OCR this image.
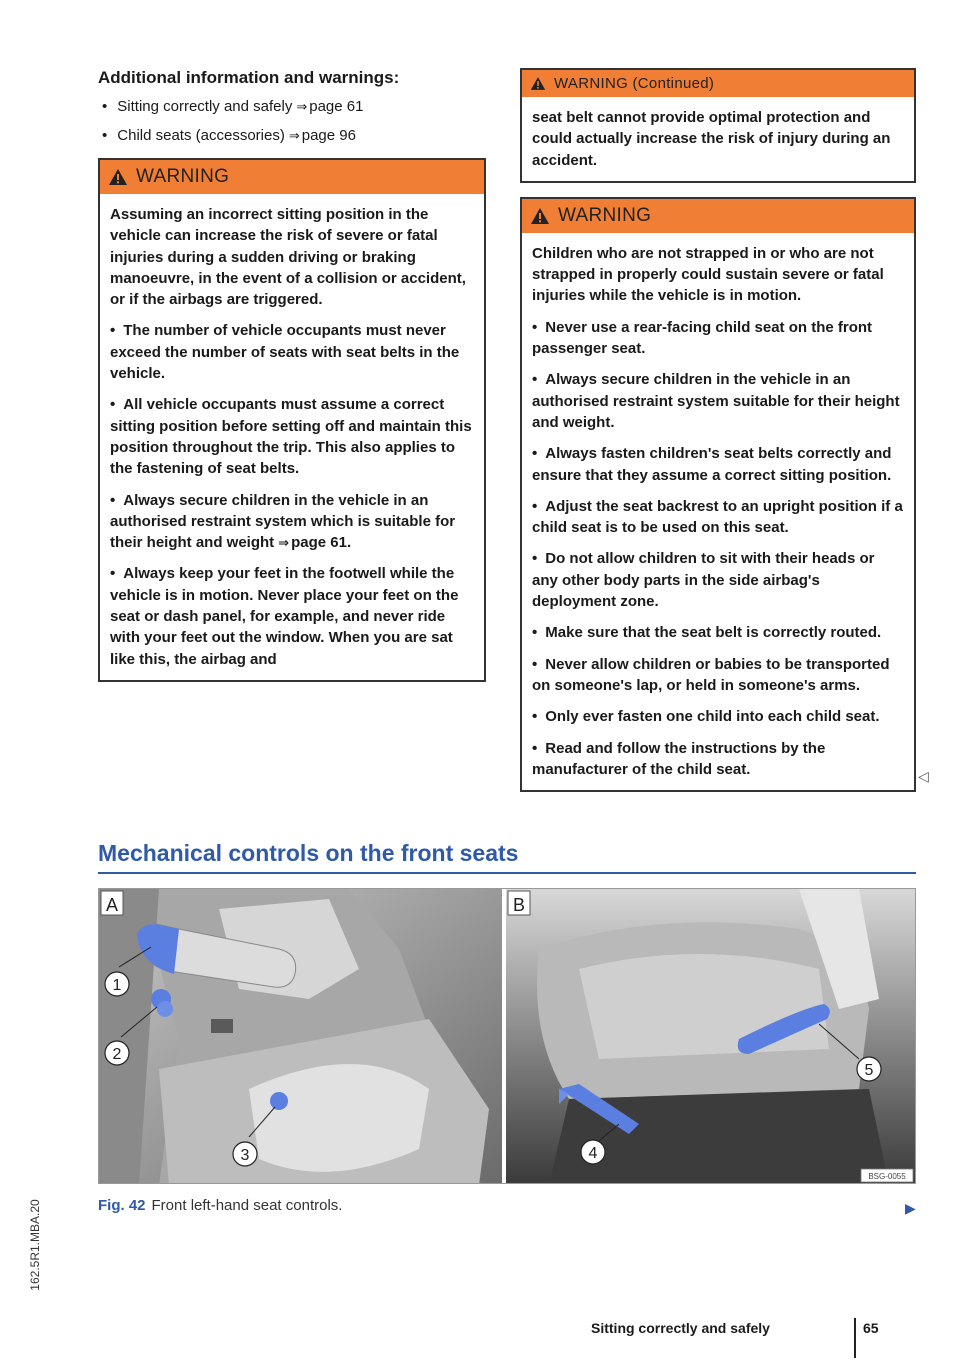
162.5R1.MBA.20
Additional information and warnings:
• Sitting correctly and safely ⇒ page 61
• Child seats (accessories) ⇒ page 96
WARNING

Assuming an incorrect sitting position in the vehicle can increase the risk of severe or fatal injuries during a sudden driving or braking manoeuvre, in the event of a collision or accident, or if the airbags are triggered.

• The number of vehicle occupants must never exceed the number of seats with seat belts in the vehicle.

• All vehicle occupants must assume a correct sitting position before setting off and maintain this position throughout the trip. This also applies to the fastening of seat belts.

• Always secure children in the vehicle in an authorised restraint system which is suitable for their height and weight ⇒ page 61.

• Always keep your feet in the footwell while the vehicle is in motion. Never place your feet on the seat or dash panel, for example, and never ride with your feet out the window. When you are sat like this, the airbag and

WARNING (Continued)

seat belt cannot provide optimal protection and could actually increase the risk of injury during an accident.

WARNING

Children who are not strapped in or who are not strapped in properly could sustain severe or fatal injuries while the vehicle is in motion.

• Never use a rear-facing child seat on the front passenger seat.

• Always secure children in the vehicle in an authorised restraint system suitable for their height and weight.

• Always fasten children's seat belts correctly and ensure that they assume a correct sitting position.

• Adjust the seat backrest to an upright position if a child seat is to be used on this seat.

• Do not allow children to sit with their heads or any other body parts in the side airbag's deployment zone.

• Make sure that the seat belt is correctly routed.

• Never allow children or babies to be transported on someone's lap, or held in someone's arms.

• Only ever fasten one child into each child seat.

• Read and follow the instructions by the manufacturer of the child seat.	◁
Mechanical controls on the front seats
A
1
2
3
B
4
5
BSG-0055
Fig. 42 Front left-hand seat controls.	▶
Sitting correctly and safely	65
